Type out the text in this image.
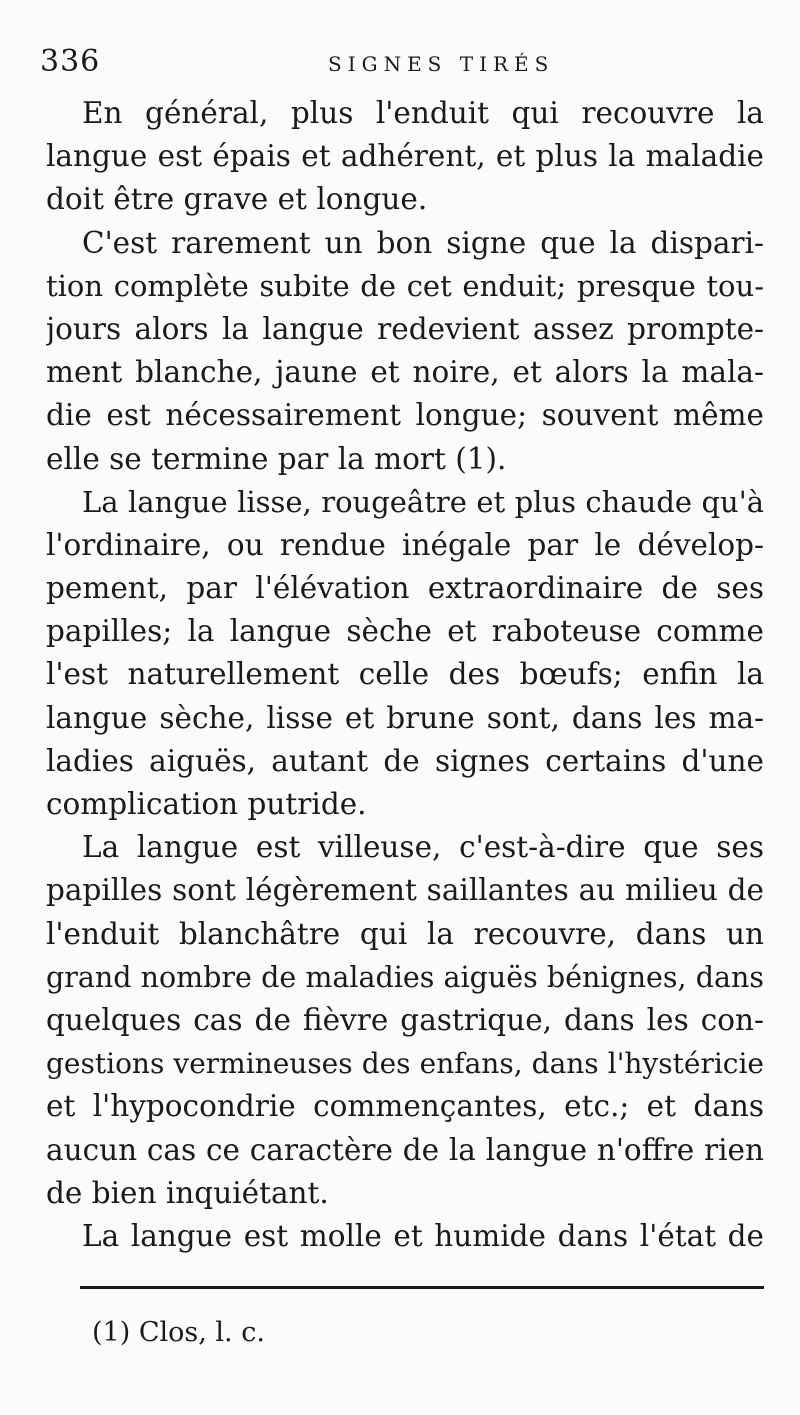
336	SIGNES TIRÉS
En général, plus l'enduit qui recouvre la
langue est épais et adhérent, et plus la maladie
doit être grave et longue.
C'est rarement un bon signe que la dispari-
tion complète subite de cet enduit; presque tou-
jours alors la langue redevient assez prompte-
ment blanche, jaune et noire, et alors la mala-
die est nécessairement longue; souvent même
elle se termine par la mort (1).
La langue lisse, rougeâtre et plus chaude qu'à
l'ordinaire, ou rendue inégale par le dévelop-
pement, par l'élévation extraordinaire de ses
papilles; la langue sèche et raboteuse comme
l'est naturellement celle des bœufs; enfin la
langue sèche, lisse et brune sont, dans les ma-
ladies aiguës, autant de signes certains d'une
complication putride.
La langue est villeuse, c'est-à-dire que ses
papilles sont légèrement saillantes au milieu de
l'enduit blanchâtre qui la recouvre, dans un
grand nombre de maladies aiguës bénignes, dans
quelques cas de fièvre gastrique, dans les con-
gestions vermineuses des enfans, dans l'hystéricie
et l'hypocondrie commençantes, etc.; et dans
aucun cas ce caractère de la langue n'offre rien
de bien inquiétant.
La langue est molle et humide dans l'état de
(1) Clos, l. c.
